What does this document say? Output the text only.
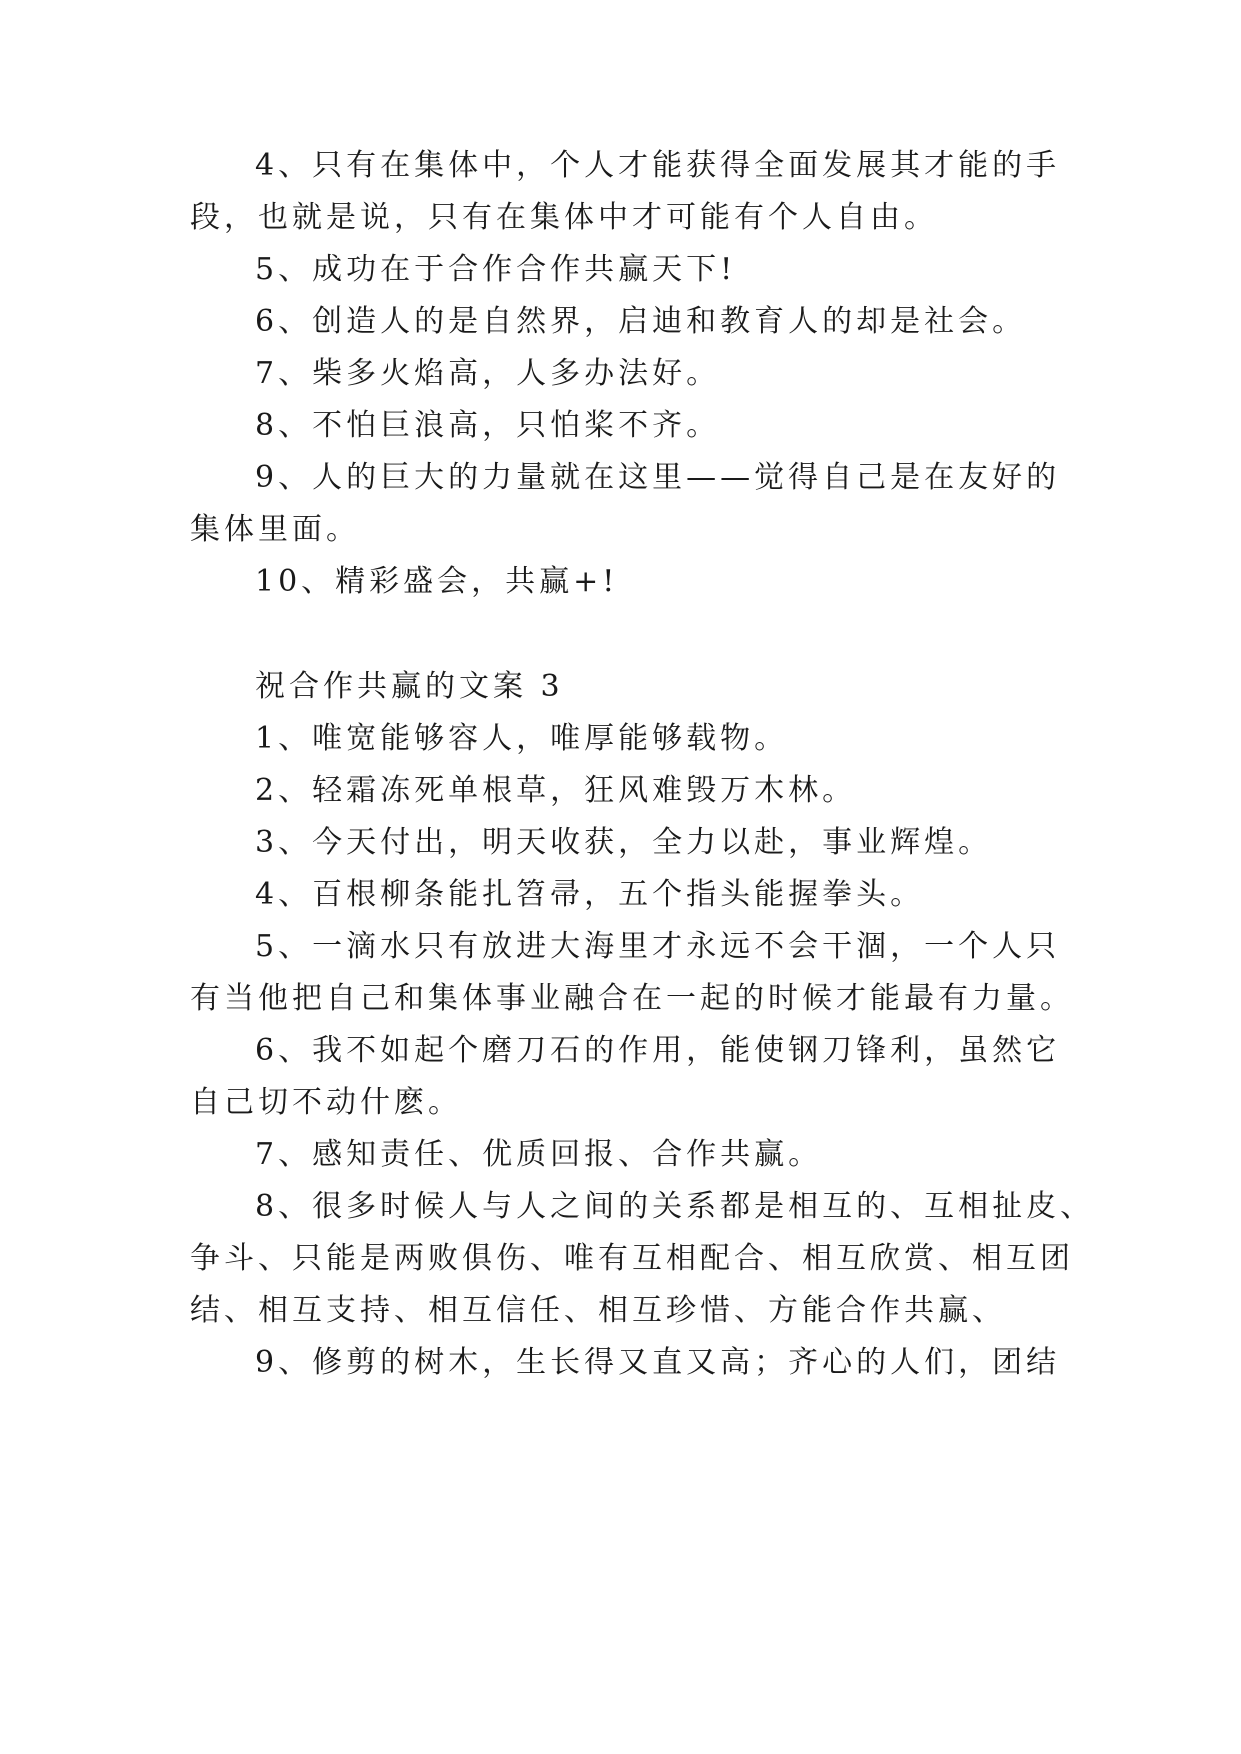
4、只有在集体中，个人才能获得全面发展其才能的手
段，也就是说，只有在集体中才可能有个人自由。
5、成功在于合作合作共赢天下!
6、创造人的是自然界，启迪和教育人的却是社会。
7、柴多火焰高，人多办法好。
8、不怕巨浪高，只怕桨不齐。
9、人的巨大的力量就在这里——觉得自己是在友好的
集体里面。
10、精彩盛会，共赢+!
祝合作共赢的文案 3
1、唯宽能够容人，唯厚能够载物。
2、轻霜冻死单根草，狂风难毁万木林。
3、今天付出，明天收获，全力以赴，事业辉煌。
4、百根柳条能扎笤帚，五个指头能握拳头。
5、一滴水只有放进大海里才永远不会干涸，一个人只
有当他把自己和集体事业融合在一起的时候才能最有力量。
6、我不如起个磨刀石的作用，能使钢刀锋利，虽然它
自己切不动什麽。
7、感知责任、优质回报、合作共赢。
8、很多时候人与人之间的关系都是相互的、互相扯皮、
争斗、只能是两败俱伤、唯有互相配合、相互欣赏、相互团
结、相互支持、相互信任、相互珍惜、方能合作共赢、
9、修剪的树木，生长得又直又高；齐心的人们，团结
